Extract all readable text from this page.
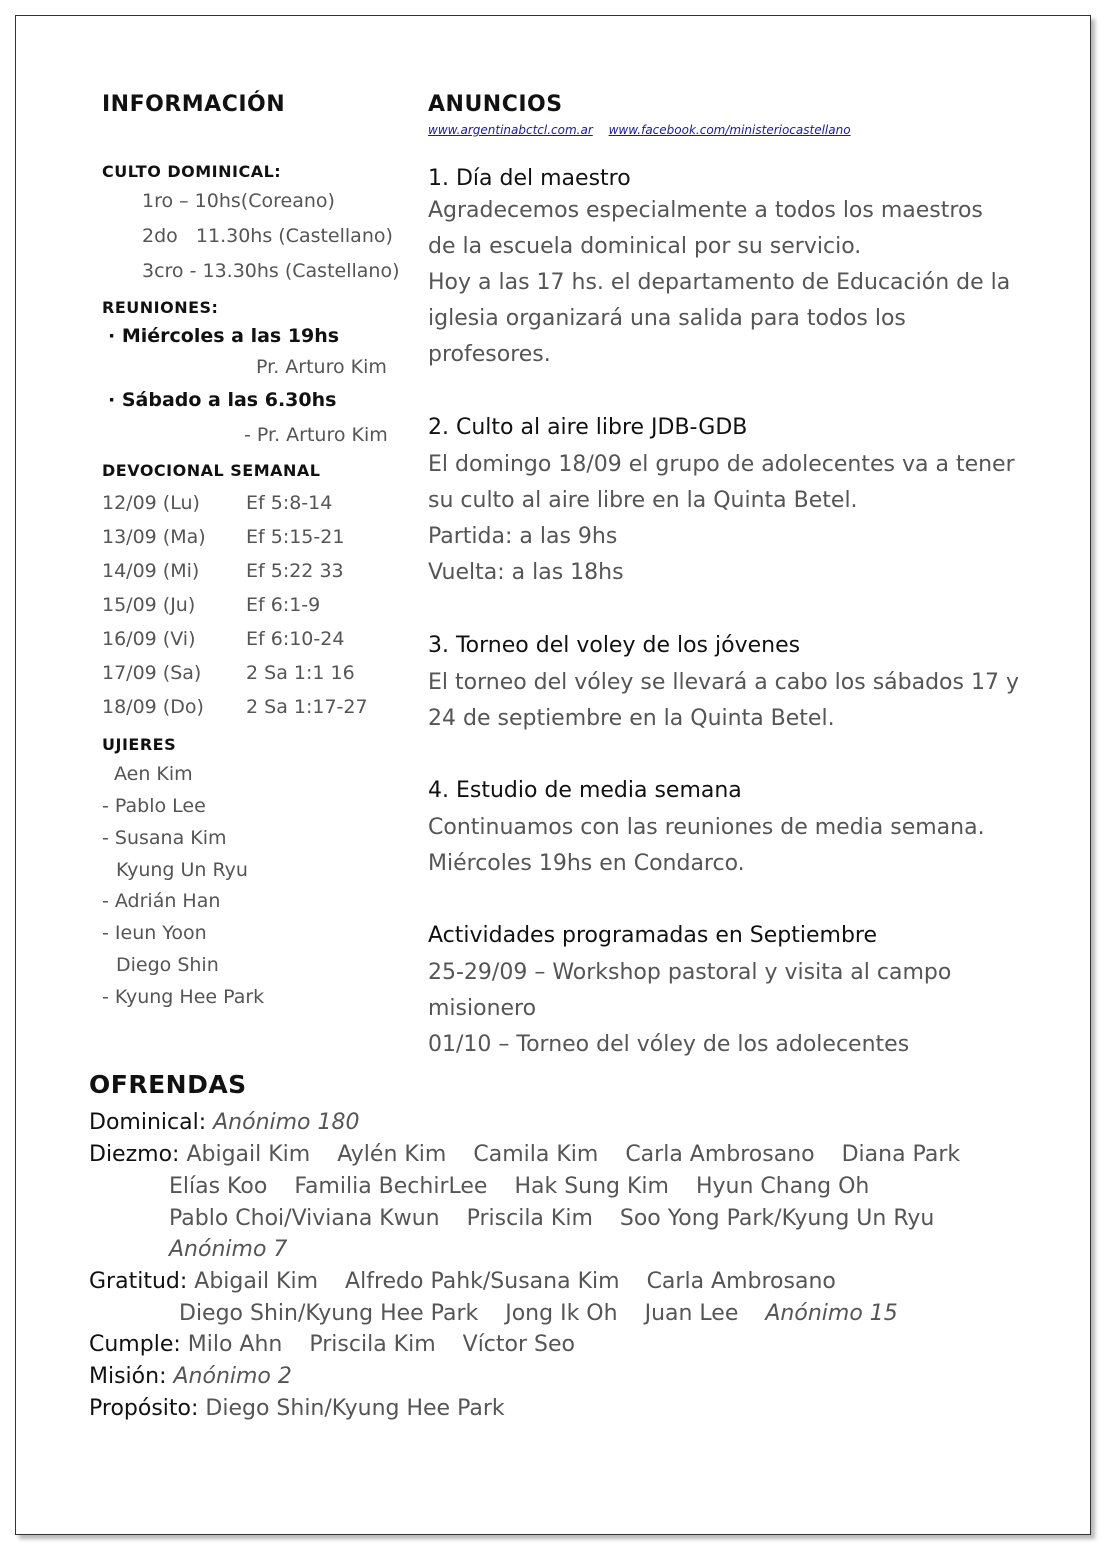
INFORMACIÓN
CULTO DOMINICAL:
1ro – 10hs(Coreano)
2do   11.30hs (Castellano)
3cro - 13.30hs (Castellano)
REUNIONES:
· Miércoles a las 19hs
Pr. Arturo Kim
· Sábado a las 6.30hs
- Pr. Arturo Kim
DEVOCIONAL SEMANAL
12/09 (Lu) Ef 5:8-14
13/09 (Ma) Ef 5:15-21
14/09 (Mi) Ef 5:22 33
15/09 (Ju)	Ef 6:1-9
16/09 (Vi)	Ef 6:10-24
17/09 (Sa) 2 Sa 1:1 16
18/09 (Do) 2 Sa 1:17-27
UJIERES
Aen Kim
- Pablo Lee
- Susana Kim
Kyung Un Ryu
- Adrián Han
- Ieun Yoon
Diego Shin
- Kyung Hee Park
ANUNCIOS
www.argentinabctcl.com.ar www.facebook.com/ministeriocastellano
1. Día del maestro
Agradecemos especialmente a todos los maestros
de la escuela dominical por su servicio.
Hoy a las 17 hs. el departamento de Educación de la
iglesia organizará una salida para todos los
profesores.
2. Culto al aire libre JDB-GDB
El domingo 18/09 el grupo de adolecentes va a tener
su culto al aire libre en la Quinta Betel.
Partida: a las 9hs
Vuelta: a las 18hs
3. Torneo del voley de los jóvenes
El torneo del vóley se llevará a cabo los sábados 17 y
24 de septiembre en la Quinta Betel.
4. Estudio de media semana
Continuamos con las reuniones de media semana.
Miércoles 19hs en Condarco.
Actividades programadas en Septiembre
25-29/09 – Workshop pastoral y visita al campo
misionero
01/10 – Torneo del vóley de los adolecentes
OFRENDAS
Dominical: Anónimo 180
Diezmo: Abigail Kim Aylén Kim Camila Kim Carla Ambrosano Diana Park
Elías Koo Familia BechirLee Hak Sung Kim Hyun Chang Oh
Pablo Choi/Viviana Kwun Priscila Kim Soo Yong Park/Kyung Un Ryu
Anónimo 7
Gratitud: Abigail Kim Alfredo Pahk/Susana Kim Carla Ambrosano
Diego Shin/Kyung Hee Park Jong Ik Oh Juan Lee Anónimo 15
Cumple: Milo Ahn Priscila Kim Víctor Seo
Misión: Anónimo 2
Propósito: Diego Shin/Kyung Hee Park
